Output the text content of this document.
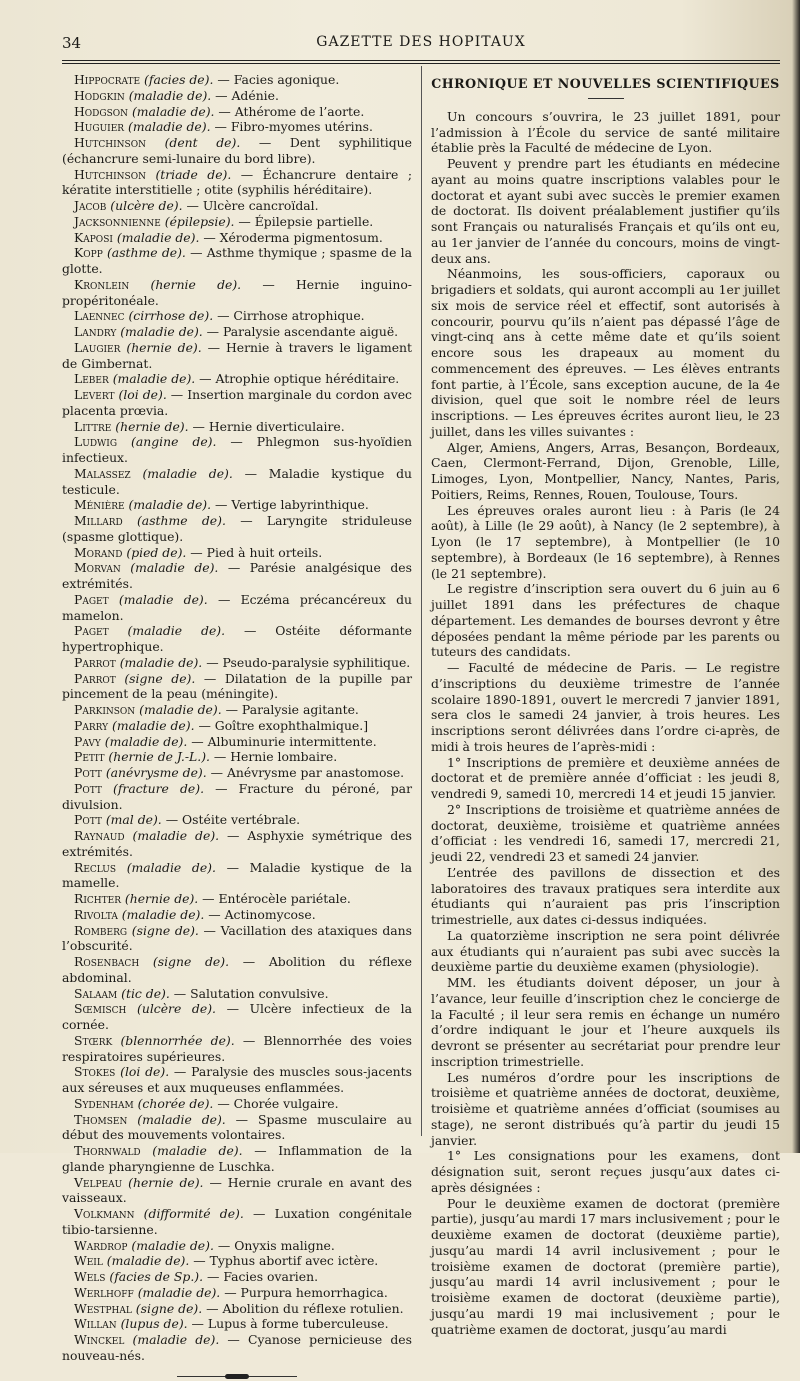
34	GAZETTE DES HOPITAUX
Hippocrate (facies de). — Facies agonique.
Hodgkin (maladie de). — Adénie.
Hodgson (maladie de). — Athérome de l’aorte.
Huguier (maladie de). — Fibro-myomes utérins.
Hutchinson (dent de). — Dent syphilitique (échancrure semi-lunaire du bord libre).
Hutchinson (triade de). — Échancrure dentaire ; kératite interstitielle ; otite (syphilis héréditaire).
Jacob (ulcère de). — Ulcère cancroïdal.
Jacksonnienne (épilepsie). — Épilepsie partielle.
Kaposi (maladie de). — Xéroderma pigmentosum.
Kopp (asthme de). — Asthme thymique ; spasme de la glotte.
Kronlein (hernie de). — Hernie inguino-propéritonéale.
Laennec (cirrhose de). — Cirrhose atrophique.
Landry (maladie de). — Paralysie ascendante aiguë.
Laugier (hernie de). — Hernie à travers le ligament de Gimbernat.
Leber (maladie de). — Atrophie optique héréditaire.
Levert (loi de). — Insertion marginale du cordon avec placenta prœvia.
Littre (hernie de). — Hernie diverticulaire.
Ludwig (angine de). — Phlegmon sus-hyoïdien infectieux.
Malassez (maladie de). — Maladie kystique du testicule.
Ménière (maladie de). — Vertige labyrinthique.
Millard (asthme de). — Laryngite striduleuse (spasme glottique).
Morand (pied de). — Pied à huit orteils.
Morvan (maladie de). — Parésie analgésique des extrémités.
Paget (maladie de). — Eczéma précancéreux du mamelon.
Paget (maladie de). — Ostéite déformante hypertrophique.
Parrot (maladie de). — Pseudo-paralysie syphilitique.
Parrot (signe de). — Dilatation de la pupille par pincement de la peau (méningite).
Parkinson (maladie de). — Paralysie agitante.
Parry (maladie de). — Goître exophthalmique.]
Pavy (maladie de). — Albuminurie intermittente.
Petit (hernie de J.-L.). — Hernie lombaire.
Pott (anévrysme de). — Anévrysme par anastomose.
Pott (fracture de). — Fracture du péroné, par divulsion.
Pott (mal de). — Ostéite vertébrale.
Raynaud (maladie de). — Asphyxie symétrique des extrémités.
Reclus (maladie de). — Maladie kystique de la mamelle.
Richter (hernie de). — Entérocèle pariétale.
Rivolta (maladie de). — Actinomycose.
Romberg (signe de). — Vacillation des ataxiques dans l’obscurité.
Rosenbach (signe de). — Abolition du réflexe abdominal.
Salaam (tic de). — Salutation convulsive.
Sœmisch (ulcère de). — Ulcère infectieux de la cornée.
Stœrk (blennorrhée de). — Blennorrhée des voies respiratoires supérieures.
Stokes (loi de). — Paralysie des muscles sous-jacents aux séreuses et aux muqueuses enflammées.
Sydenham (chorée de). — Chorée vulgaire.
Thomsen (maladie de). — Spasme musculaire au début des mouvements volontaires.
Thornwald (maladie de). — Inflammation de la glande pharyngienne de Luschka.
Velpeau (hernie de). — Hernie crurale en avant des vaisseaux.
Volkmann (difformité de). — Luxation congénitale tibio-tarsienne.
Wardrop (maladie de). — Onyxis maligne.
Weil (maladie de). — Typhus abortif avec ictère.
Wels (facies de Sp.). — Facies ovarien.
Werlhoff (maladie de). — Purpura hemorrhagica.
Westphal (signe de). — Abolition du réflexe rotulien.
Willan (lupus de). — Lupus à forme tuberculeuse.
Winckel (maladie de). — Cyanose pernicieuse des nouveau-nés.
CHRONIQUE ET NOUVELLES SCIENTIFIQUES

Un concours s’ouvrira, le 23 juillet 1891, pour l’admission à l’École du service de santé militaire établie près la Faculté de médecine de Lyon.

Peuvent y prendre part les étudiants en médecine ayant au moins quatre inscriptions valables pour le doctorat et ayant subi avec succès le premier examen de doctorat. Ils doivent préalablement justifier qu’ils sont Français ou naturalisés Français et qu’ils ont eu, au 1er janvier de l’année du concours, moins de vingt-deux ans.

Néanmoins, les sous-officiers, caporaux ou brigadiers et soldats, qui auront accompli au 1er juillet six mois de service réel et effectif, sont autorisés à concourir, pourvu qu’ils n’aient pas dépassé l’âge de vingt-cinq ans à cette même date et qu’ils soient encore sous les drapeaux au moment du commencement des épreuves. — Les élèves entrants font partie, à l’École, sans exception aucune, de la 4e division, quel que soit le nombre réel de leurs inscriptions. — Les épreuves écrites auront lieu, le 23 juillet, dans les villes suivantes :

Alger, Amiens, Angers, Arras, Besançon, Bordeaux, Caen, Clermont-Ferrand, Dijon, Grenoble, Lille, Limoges, Lyon, Montpellier, Nancy, Nantes, Paris, Poitiers, Reims, Rennes, Rouen, Toulouse, Tours.

Les épreuves orales auront lieu : à Paris (le 24 août), à Lille (le 29 août), à Nancy (le 2 septembre), à Lyon (le 17 septembre), à Montpellier (le 10 septembre), à Bordeaux (le 16 septembre), à Rennes (le 21 septembre).

Le registre d’inscription sera ouvert du 6 juin au 6 juillet 1891 dans les préfectures de chaque département. Les demandes de bourses devront y être déposées pendant la même période par les parents ou tuteurs des candidats.

— Faculté de médecine de Paris. — Le registre d’inscriptions du deuxième trimestre de l’année scolaire 1890-1891, ouvert le mercredi 7 janvier 1891, sera clos le samedi 24 janvier, à trois heures. Les inscriptions seront délivrées dans l’ordre ci-après, de midi à trois heures de l’après-midi :

1° Inscriptions de première et deuxième années de doctorat et de première année d’officiat : les jeudi 8, vendredi 9, samedi 10, mercredi 14 et jeudi 15 janvier.

2° Inscriptions de troisième et quatrième années de doctorat, deuxième, troisième et quatrième années d’officiat : les vendredi 16, samedi 17, mercredi 21, jeudi 22, vendredi 23 et samedi 24 janvier.

L’entrée des pavillons de dissection et des laboratoires des travaux pratiques sera interdite aux étudiants qui n’auraient pas pris l’inscription trimestrielle, aux dates ci-dessus indiquées.

La quatorzième inscription ne sera point délivrée aux étudiants qui n’auraient pas subi avec succès la deuxième partie du deuxième examen (physiologie).

MM. les étudiants doivent déposer, un jour à l’avance, leur feuille d’inscription chez le concierge de la Faculté ; il leur sera remis en échange un numéro d’ordre indiquant le jour et l’heure auxquels ils devront se présenter au secrétariat pour prendre leur inscription trimestrielle.

Les numéros d’ordre pour les inscriptions de troisième et quatrième années de doctorat, deuxième, troisième et quatrième années d’officiat (soumises au stage), ne seront distribués qu’à partir du jeudi 15 janvier.

1° Les consignations pour les examens, dont désignation suit, seront reçues jusqu’aux dates ci-après désignées :

Pour le deuxième examen de doctorat (première partie), jusqu’au mardi 17 mars inclusivement ; pour le deuxième examen de doctorat (deuxième partie), jusqu’au mardi 14 avril inclusivement ; pour le troisième examen de doctorat (première partie), jusqu’au mardi 14 avril inclusivement ; pour le troisième examen de doctorat (deuxième partie), jusqu’au mardi 19 mai inclusivement ; pour le quatrième examen de doctorat, jusqu’au mardi
